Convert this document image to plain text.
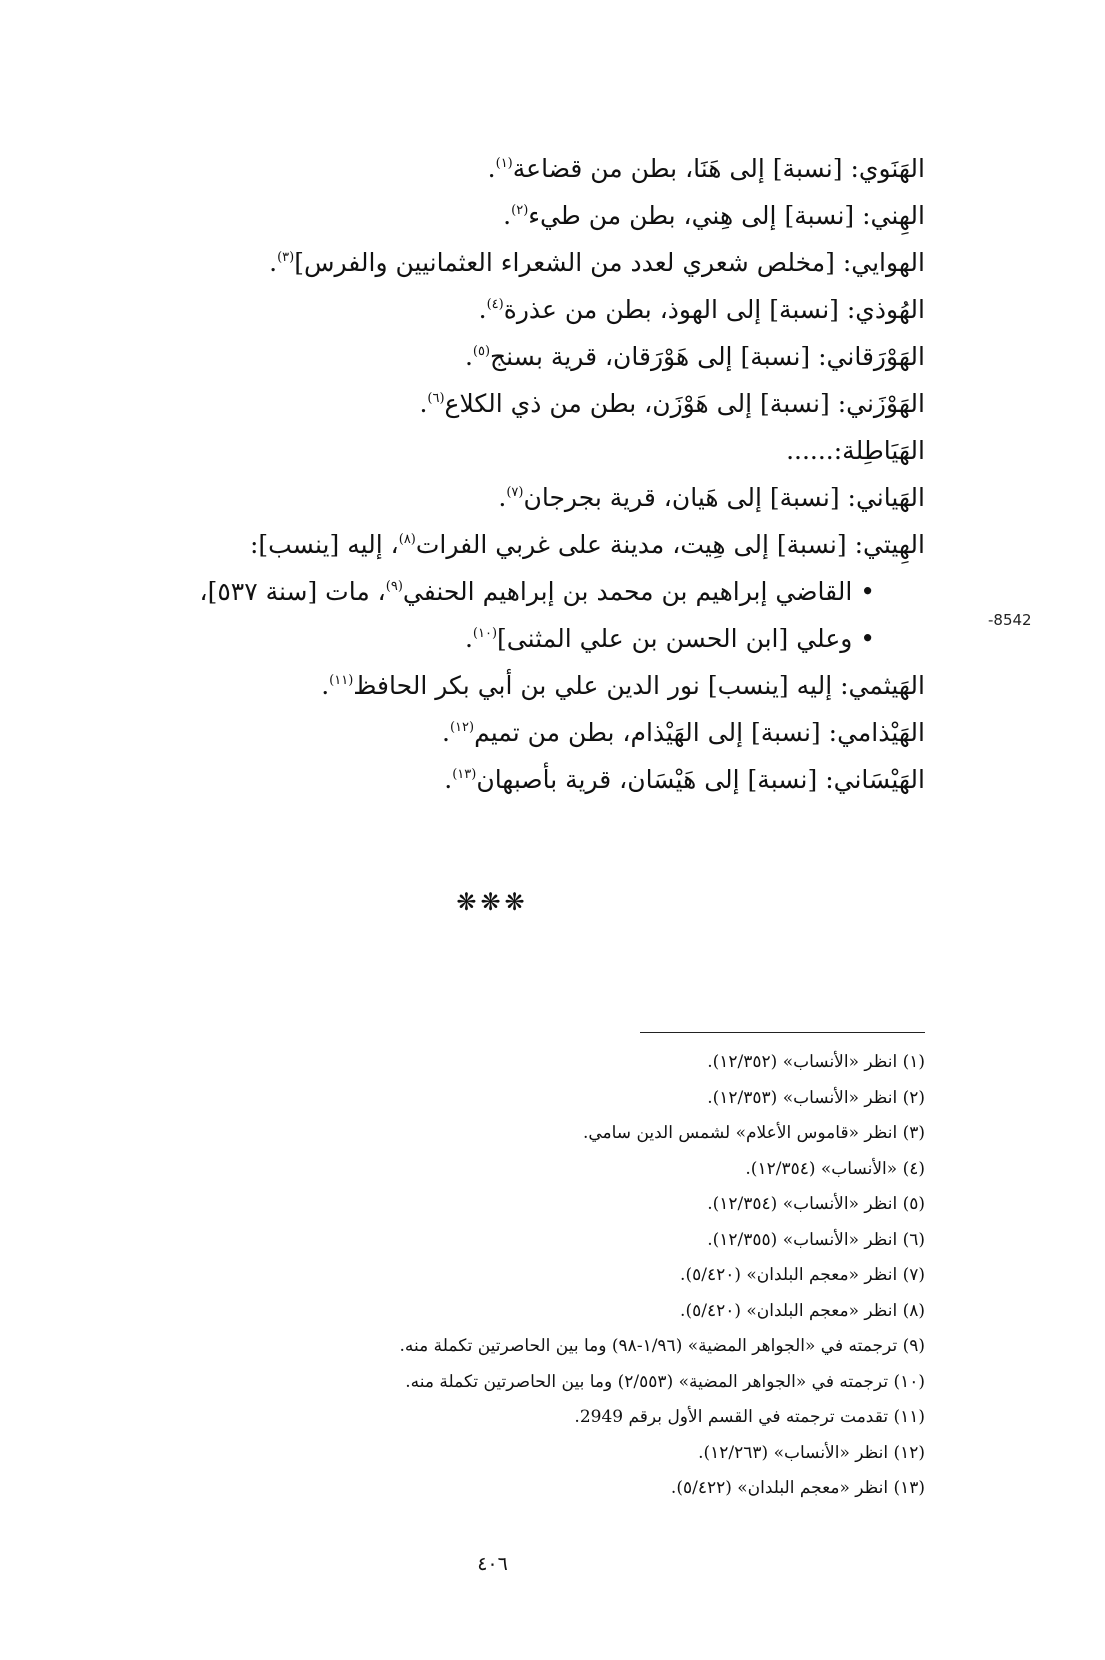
الهَنَوي: [نسبة] إلى هَنَا، بطن من قضاعة$^{(١)}$.
الهِني: [نسبة] إلى هِني، بطن من طيء$^{(٢)}$.
الهوايي: [مخلص شعري لعدد من الشعراء العثمانيين والفرس]$^{(٣)}$.
الهُوذي: [نسبة] إلى الهوذ، بطن من عذرة$^{(٤)}$.
الهَوْرَقاني: [نسبة] إلى هَوْرَقان، قرية بسنج$^{(٥)}$.
الهَوْزَني: [نسبة] إلى هَوْزَن، بطن من ذي الكلاع$^{(٦)}$.
الهَيَاطِلة:......
الهَياني: [نسبة] إلى هَيان، قرية بجرجان$^{(٧)}$.
الهِيتي: [نسبة] إلى هِيت، مدينة على غربي الفرات$^{(٨)}$، إليه [ينسب]:
• القاضي إبراهيم بن محمد بن إبراهيم الحنفي$^{(٩)}$، مات [سنة ٥٣٧]،
• وعلي [ابن الحسن بن علي المثنى]$^{(١٠)}$.
الهَيثمي: إليه [ينسب] نور الدين علي بن أبي بكر الحافظ$^{(١١)}$.
الهَيْذامي: [نسبة] إلى الهَيْذام، بطن من تميم$^{(١٢)}$.
الهَيْسَاني: [نسبة] إلى هَيْسَان، قرية بأصبهان$^{(١٣)}$.
-8542
❋❋❋
(١) انظر «الأنساب» (١٢/٣٥٢).
(٢) انظر «الأنساب» (١٢/٣٥٣).
(٣) انظر «قاموس الأعلام» لشمس الدين سامي.
(٤) «الأنساب» (١٢/٣٥٤).
(٥) انظر «الأنساب» (١٢/٣٥٤).
(٦) انظر «الأنساب» (١٢/٣٥٥).
(٧) انظر «معجم البلدان» (٥/٤٢٠).
(٨) انظر «معجم البلدان» (٥/٤٢٠).
(٩) ترجمته في «الجواهر المضية» (١/٩٦-٩٨) وما بين الحاصرتين تكملة منه.
(١٠) ترجمته في «الجواهر المضية» (٢/٥٥٣) وما بين الحاصرتين تكملة منه.
(١١) تقدمت ترجمته في القسم الأول برقم 2949.
(١٢) انظر «الأنساب» (١٢/٢٦٣).
(١٣) انظر «معجم البلدان» (٥/٤٢٢).
٤٠٦
